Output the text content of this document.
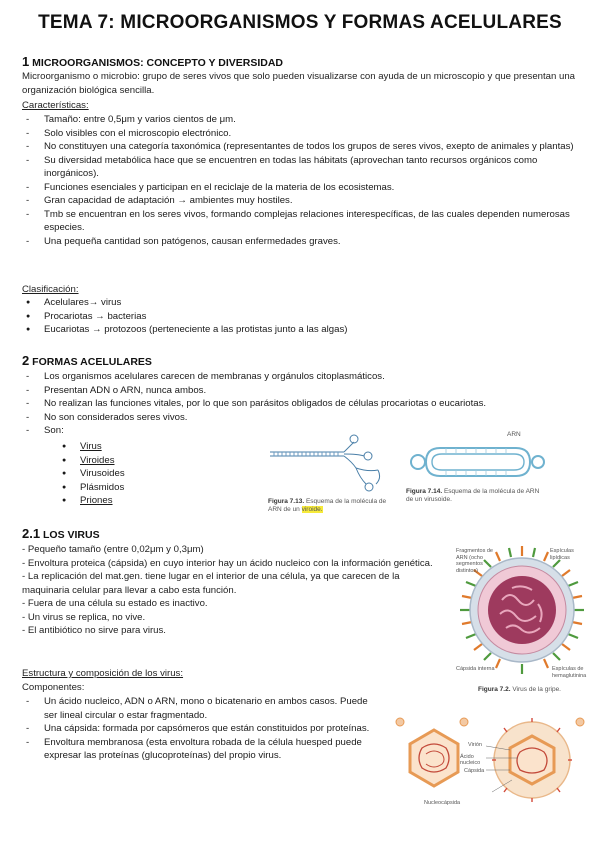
TEMA 7: MICROORGANISMOS Y FORMAS ACELULARES
1 MICROORGANISMOS: CONCEPTO Y DIVERSIDAD
Microorganismo o microbio: grupo de seres vivos que solo pueden visualizarse con ayuda de un microscopio y que presentan una organización biológica sencilla.
Características:
- Tamaño: entre 0,5μm y varios cientos de μm.
- Solo visibles con el microscopio electrónico.
- No constituyen una categoría taxonómica (representantes de todos los grupos de seres vivos, exepto de animales y plantas)
- Su diversidad metabólica hace que se encuentren en todas las hábitats (aprovechan tanto recursos orgánicos como inorgánicos).
- Funciones esenciales y participan en el reciclaje de la materia de los ecosistemas.
- Gran capacidad de adaptación → ambientes muy hostiles.
- Tmb se encuentran en los seres vivos, formando complejas relaciones interespecíficas, de las cuales dependen numerosas especies.
- Una pequeña cantidad son patógenos, causan enfermedades graves.
Clasificación:
● Acelulares→ virus
● Procariotas → bacterias
● Eucariotas → protozoos (perteneciente a las protistas junto a las algas)
2 FORMAS ACELULARES
- Los organismos acelulares carecen de membranas y orgánulos citoplasmáticos.
- Presentan ADN o ARN, nunca ambos.
- No realizan las funciones vitales, por lo que son parásitos obligados de células procariotas o eucariotas.
- No son considerados seres vivos.
- Son:
● Virus
● Viroides
● Virusoides
● Plásmidos
● Priones	Figura 7.13. Esquema de la molécula de ARN de un viroide.
ARN
Figura 7.14. Esquema de la molécula de ARN de un virusoide.
2.1 LOS VIRUS
- Pequeño tamaño (entre 0,02μm y 0,3μm)
- Envoltura proteica (cápsida) en cuyo interior hay un ácido nucleico con la información genética.
- La replicación del mat.gen. tiene lugar en el interior de una célula, ya que carecen de la maquinaria celular para llevar a cabo esta función.
- Fuera de una célula su estado es inactivo.
- Un virus se replica, no vive.
- El antibiótico no sirve para virus.
Estructura y composición de los virus:
Componentes:
- Un ácido nucleico, ADN o ARN, mono o bicatenario en ambos casos. Puede ser lineal circular o estar fragmentado.
- Una cápsida: formada por capsómeros que están constituidos por proteínas.
- Envoltura membranosa (esta envoltura robada de la célula huesped puede expresar las proteínas (glucoproteínas) del propio virus.
Fragmentos de ARN (ocho segmentos distintos)
Espículas lipídicas
Cápsida interna	Espículas de hemaglutinina
Figura 7.2. Virus de la gripe.
Virión
Ácido nucleico
Cápsida
Nucleocápsida
